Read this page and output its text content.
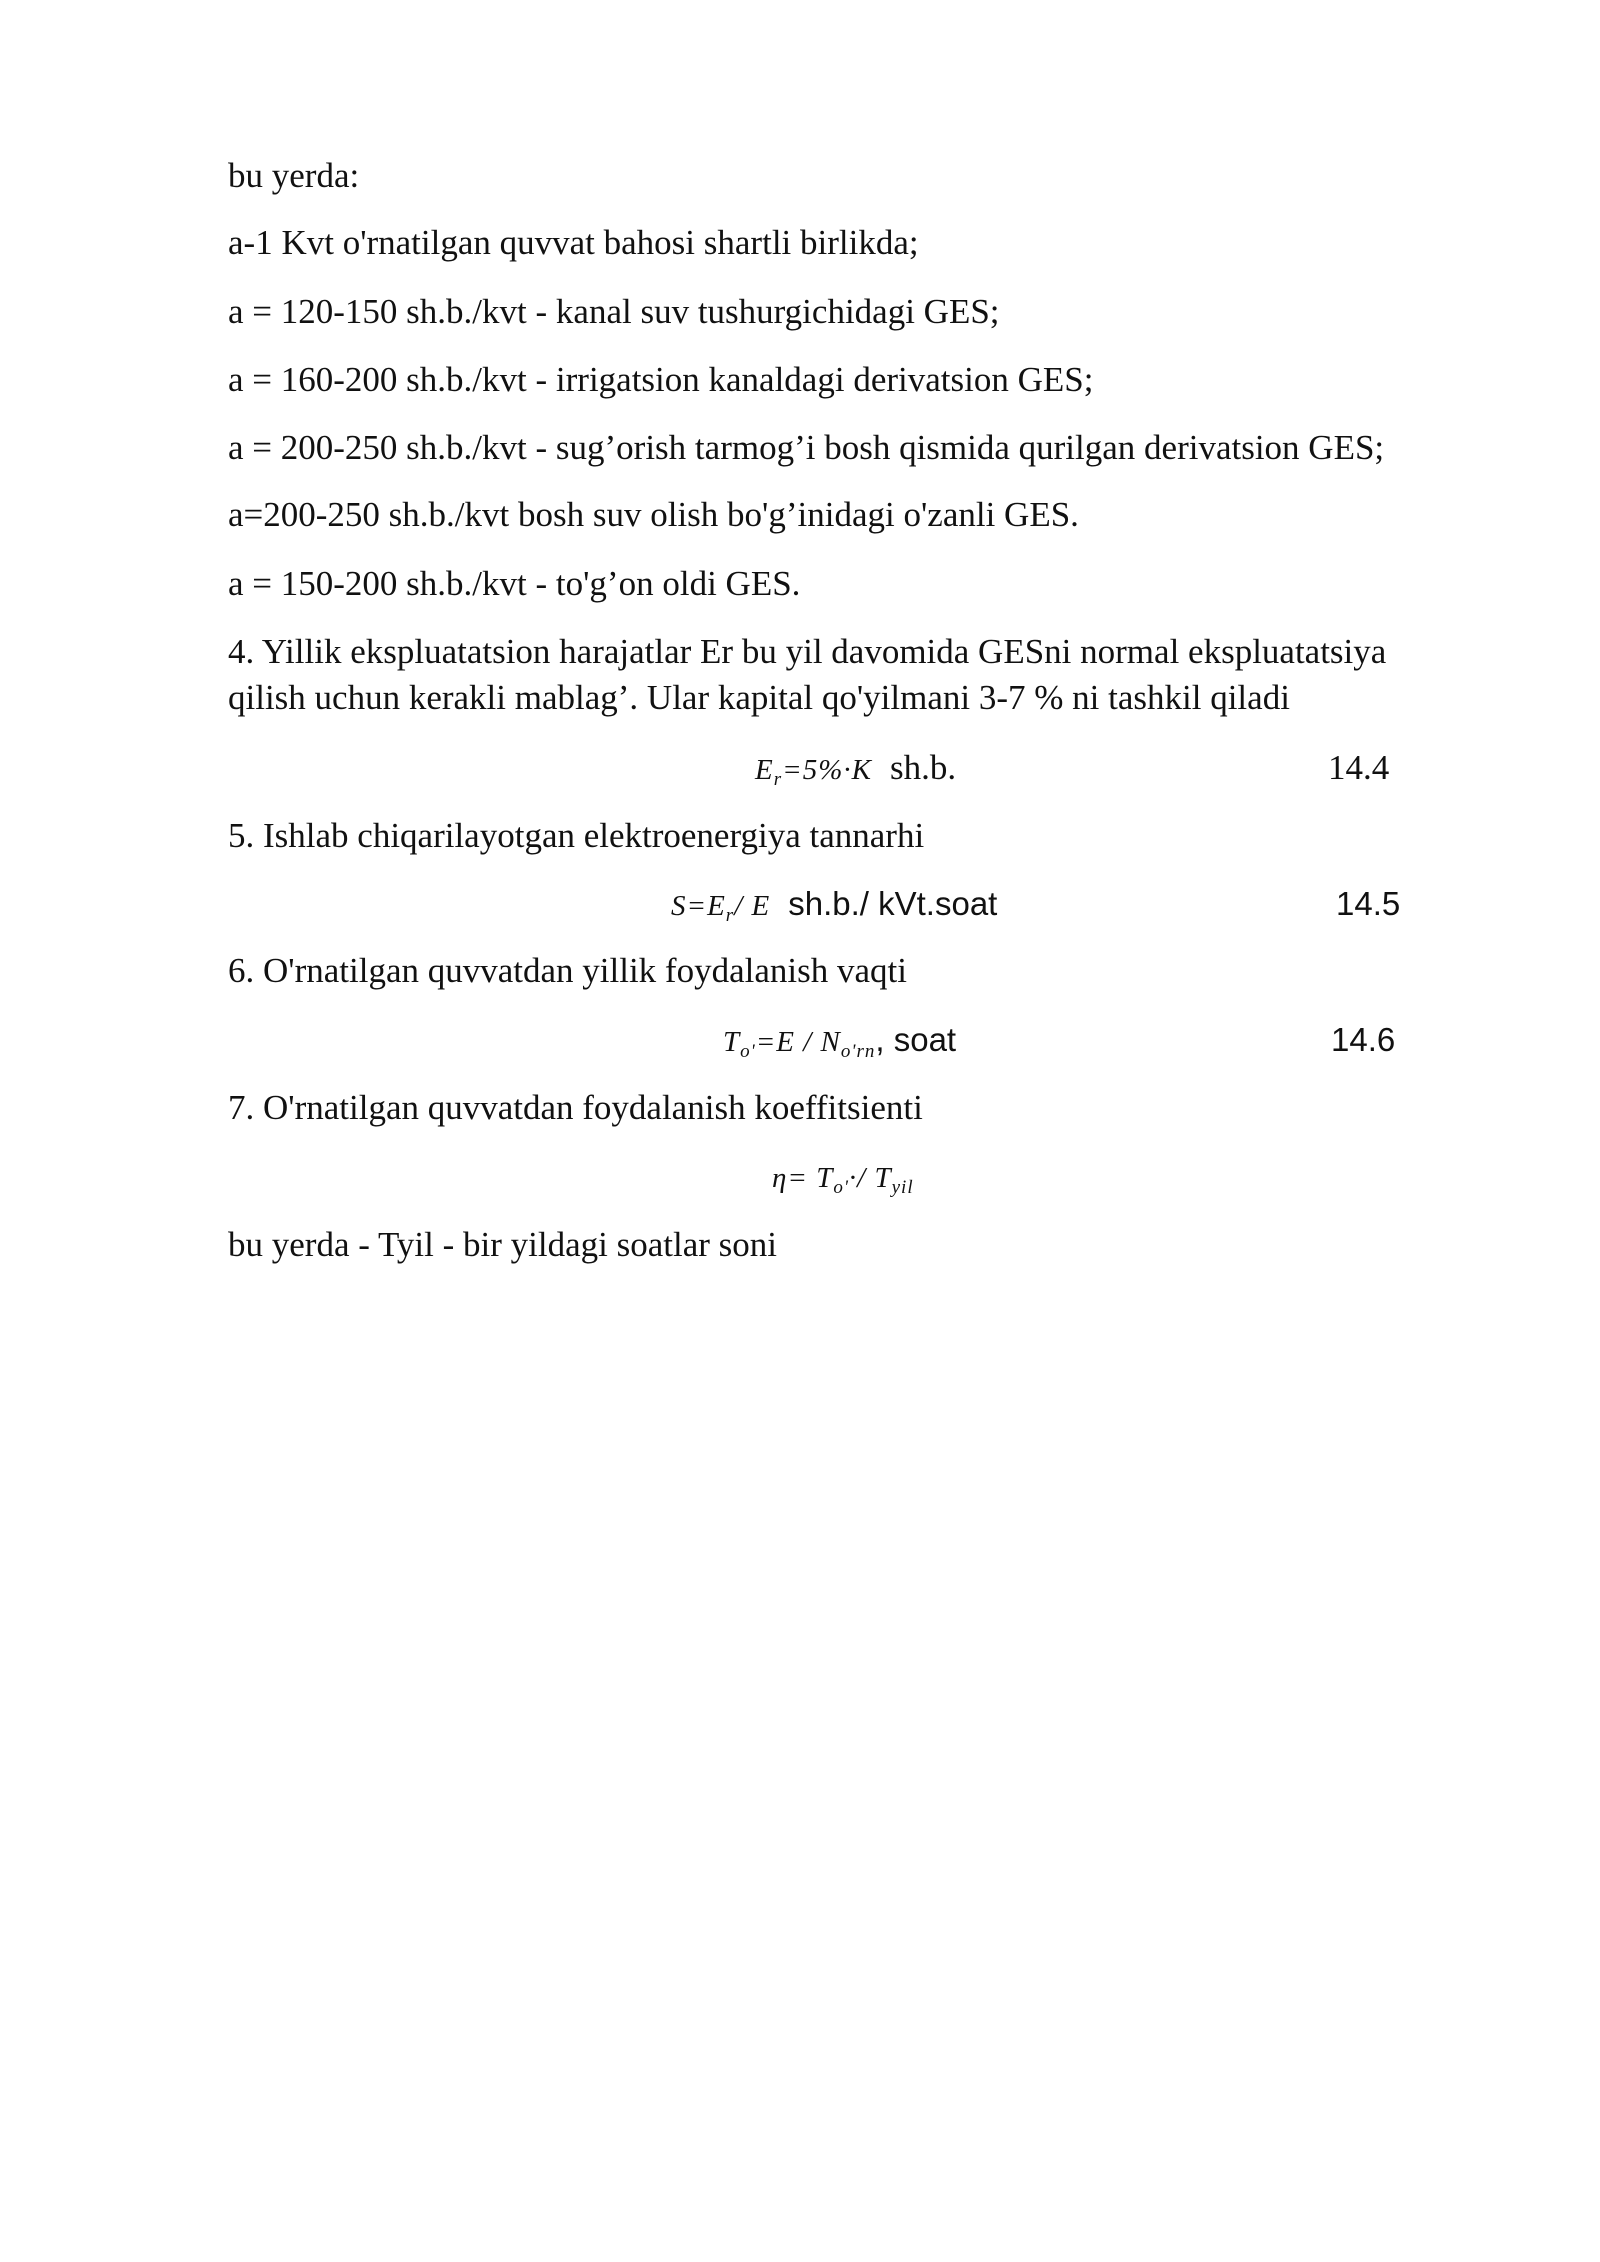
bu yerda:

a-1 Kvt o'rnatilgan quvvat bahosi shartli birlikda;

a = 120-150 sh.b./kvt - kanal suv tushurgichidagi GES;

a = 160-200 sh.b./kvt - irrigatsion kanaldagi derivatsion GES;

a = 200-250 sh.b./kvt - sug’orish tarmog’i bosh qismida qurilgan derivatsion GES;

a=200-250 sh.b./kvt bosh suv olish bo'g’inidagi o'zanli GES.

a = 150-200 sh.b./kvt - to'g’on oldi GES.

4. Yillik ekspluatatsion harajatlar Er bu yil davomida GESni normal ekspluatatsiya

qilish uchun kerakli mablag’. Ular kapital qo'yilmani 3-7 % ni tashkil qiladi

$E_r=5\%\cdot K$ sh.b.	14.4

5. Ishlab chiqarilayotgan elektroenergiya tannarhi

$S=E_r/$ E sh.b./ kVt.soat	14.5

6. O'rnatilgan quvvatdan yillik foydalanish vaqti

$T_{o'}=E / N_{o'rn}$, soat	14.6

7. O'rnatilgan quvvatdan foydalanish koeffitsienti

$\eta= T_{o'}\cdot/$ $T_{yil}$

bu yerda - Tyil - bir yildagi soatlar soni
